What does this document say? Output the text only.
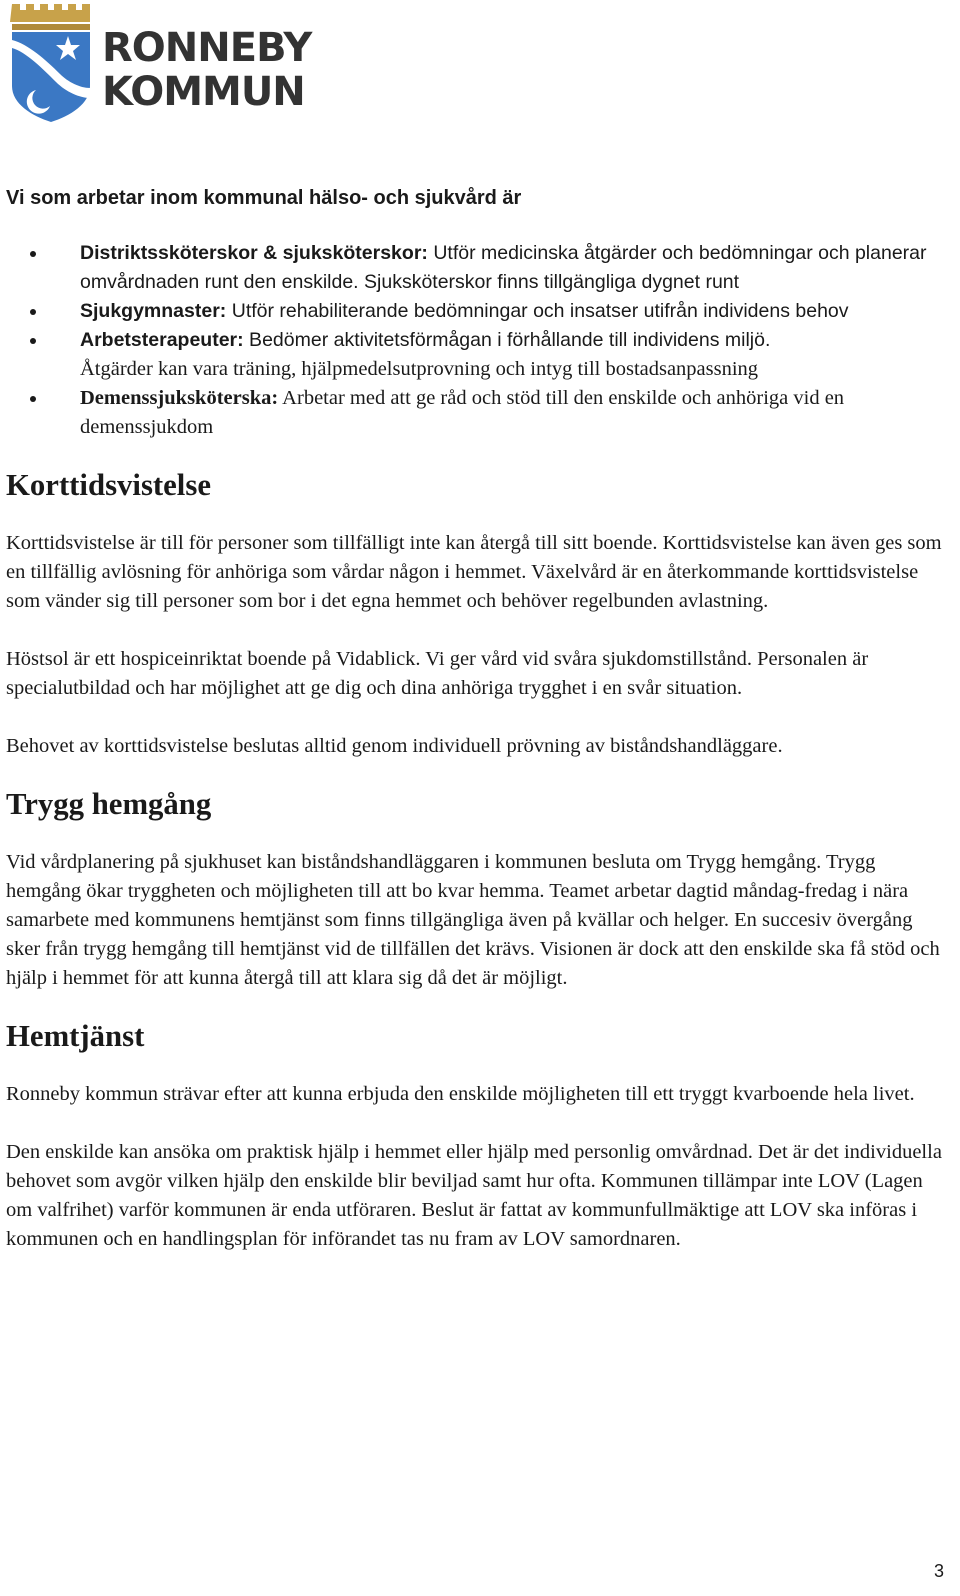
RONNEBY
KOMMUN
Vi som arbetar inom kommunal hälso- och sjukvård är
Distriktssköterskor & sjuksköterskor: Utför medicinska åtgärder och bedömningar och planerar omvårdnaden runt den enskilde. Sjuksköterskor finns tillgängliga dygnet runt
Sjukgymnaster: Utför rehabiliterande bedömningar och insatser utifrån individens behov
Arbetsterapeuter: Bedömer aktivitetsförmågan i förhållande till individens miljö.
Åtgärder kan vara träning, hjälpmedelsutprovning och intyg till bostadsanpassning
Demenssjuksköterska: Arbetar med att ge råd och stöd till den enskilde och anhöriga vid en demenssjukdom
Korttidsvistelse

Korttidsvistelse är till för personer som tillfälligt inte kan återgå till sitt boende. Korttidsvistelse kan även ges som en tillfällig avlösning för anhöriga som vårdar någon i hemmet. Växelvård är en återkommande korttidsvistelse som vänder sig till personer som bor i det egna hemmet och behöver regelbunden avlastning.

Höstsol är ett hospiceinriktat boende på Vidablick. Vi ger vård vid svåra sjukdomstillstånd. Personalen är specialutbildad och har möjlighet att ge dig och dina anhöriga trygghet i en svår situation.

Behovet av korttidsvistelse beslutas alltid genom individuell prövning av biståndshandläggare.

Trygg hemgång

Vid vårdplanering på sjukhuset kan biståndshandläggaren i kommunen besluta om Trygg hemgång. Trygg hemgång ökar tryggheten och möjligheten till att bo kvar hemma. Teamet arbetar dagtid måndag-fredag i nära samarbete med kommunens hemtjänst som finns tillgängliga även på kvällar och helger. En succesiv övergång sker från trygg hemgång till hemtjänst vid de tillfällen det krävs. Visionen är dock att den enskilde ska få stöd och hjälp i hemmet för att kunna återgå till att klara sig då det är möjligt.

Hemtjänst

Ronneby kommun strävar efter att kunna erbjuda den enskilde möjligheten till ett tryggt kvarboende hela livet.

Den enskilde kan ansöka om praktisk hjälp i hemmet eller hjälp med personlig omvårdnad. Det är det individuella behovet som avgör vilken hjälp den enskilde blir beviljad samt hur ofta. Kommunen tillämpar inte LOV (Lagen om valfrihet) varför kommunen är enda utföraren. Beslut är fattat av kommunfullmäktige att LOV ska införas i kommunen och en handlingsplan för införandet tas nu fram av LOV samordnaren.

3
